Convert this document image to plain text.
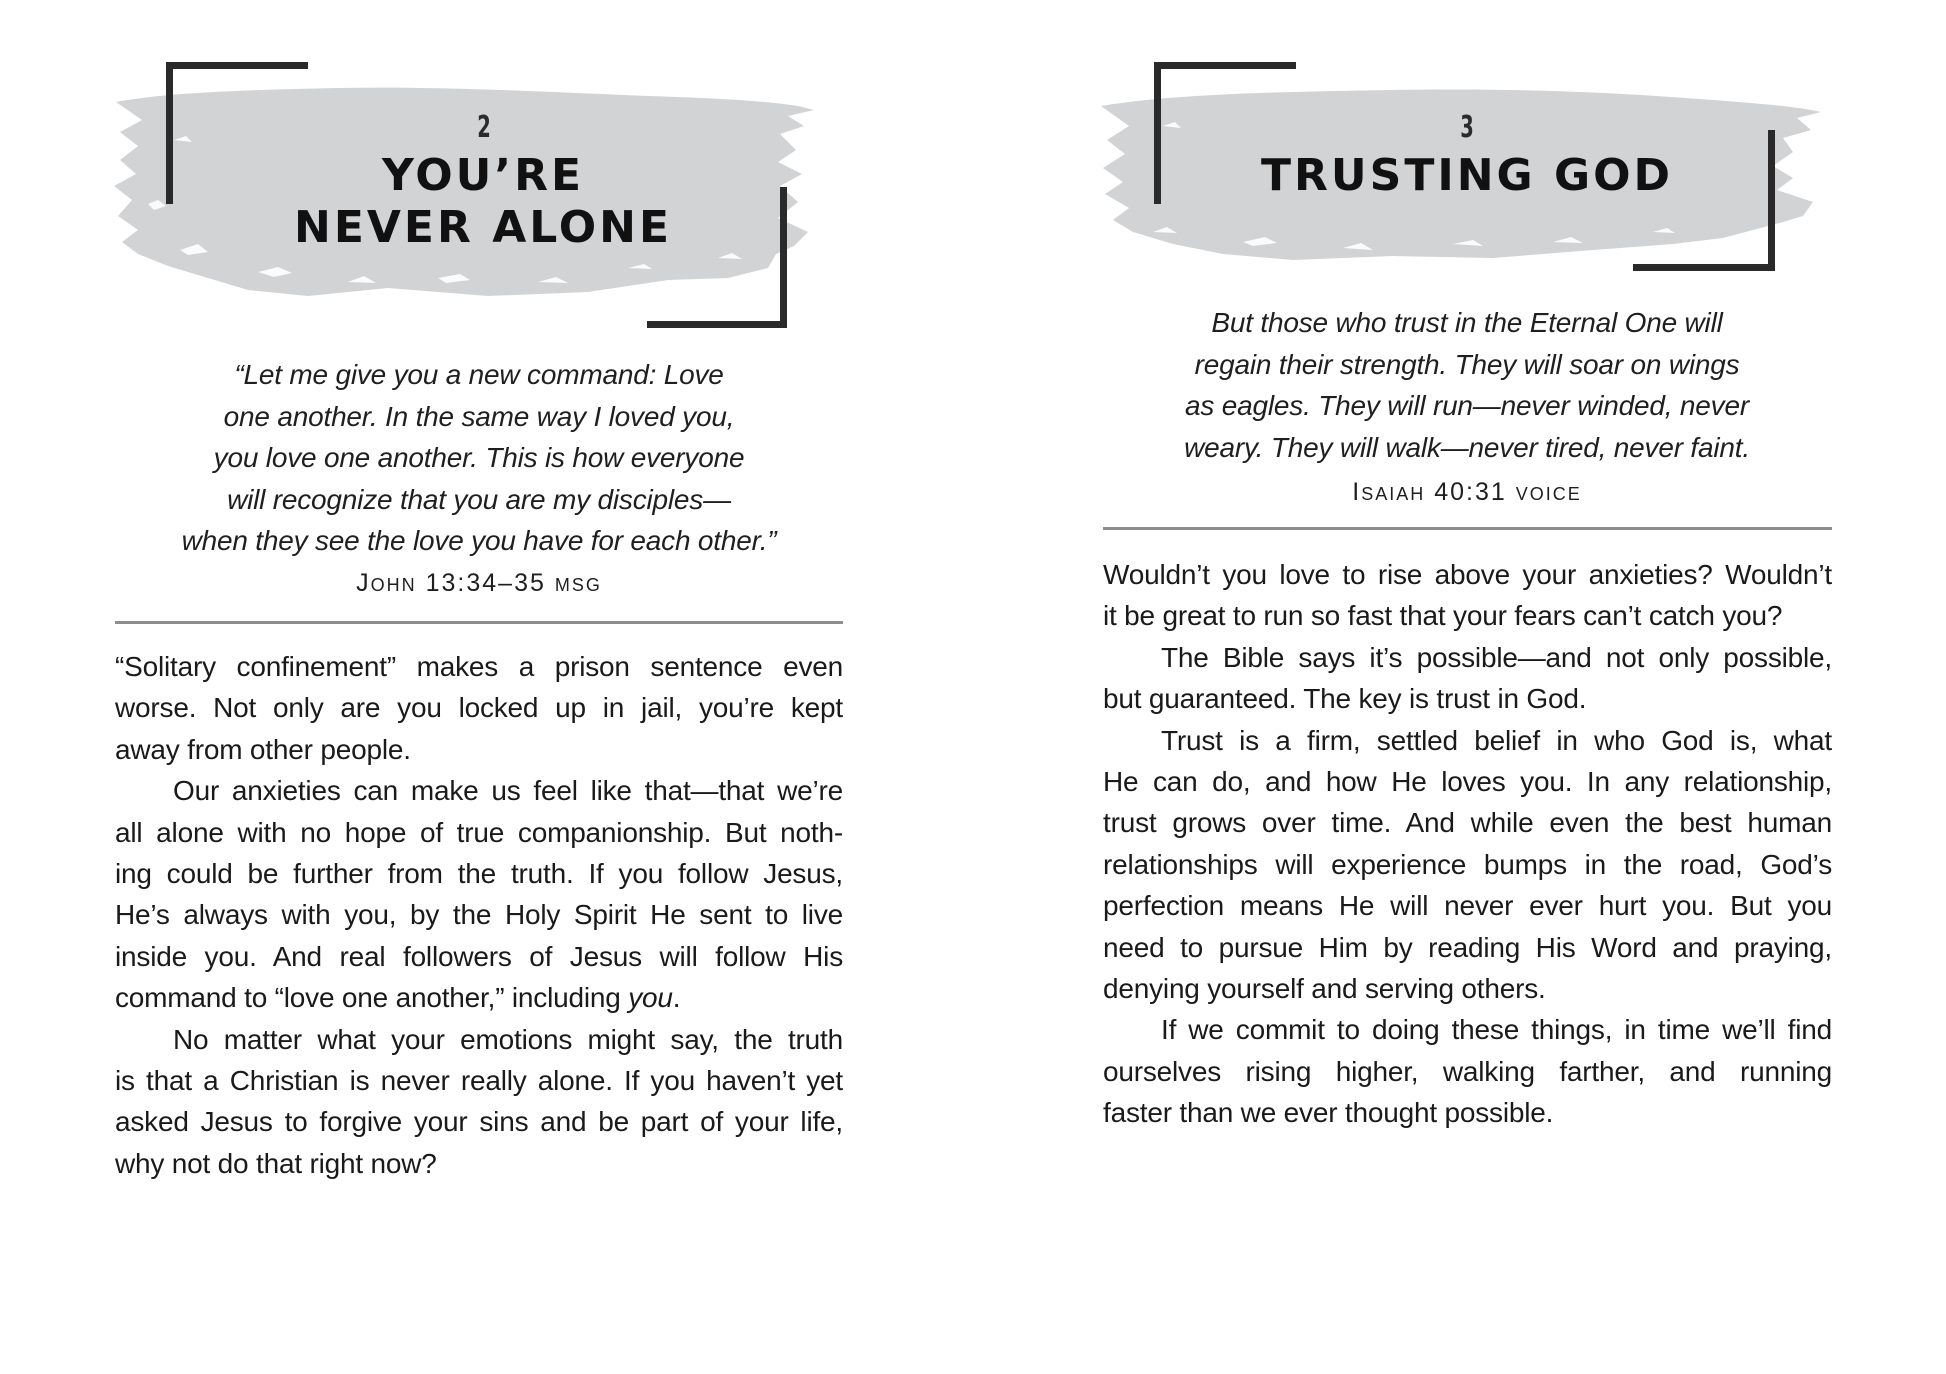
2
YOU’RE
NEVER ALONE
“Let me give you a new command: Love
one another. In the same way I loved you,
you love one another. This is how everyone
will recognize that you are my disciples—
when they see the love you have for each other.”
John 13:34–35 msg
“Solitary confinement” makes a prison sentence even
worse. Not only are you locked up in jail, you’re kept
away from other people.
Our anxieties can make us feel like that—that we’re
all alone with no hope of true companionship. But noth-
ing could be further from the truth. If you follow Jesus,
He’s always with you, by the Holy Spirit He sent to live
inside you. And real followers of Jesus will follow His
command to “love one another,” including you.
No matter what your emotions might say, the truth
is that a Christian is never really alone. If you haven’t yet
asked Jesus to forgive your sins and be part of your life,
why not do that right now?
3
TRUSTING GOD
But those who trust in the Eternal One will
regain their strength. They will soar on wings
as eagles. They will run—never winded, never
weary. They will walk—never tired, never faint.
Isaiah 40:31 voice
Wouldn’t you love to rise above your anxieties? Wouldn’t
it be great to run so fast that your fears can’t catch you?
The Bible says it’s possible—and not only possible,
but guaranteed. The key is trust in God.
Trust is a firm, settled belief in who God is, what
He can do, and how He loves you. In any relationship,
trust grows over time. And while even the best human
relationships will experience bumps in the road, God’s
perfection means He will never ever hurt you. But you
need to pursue Him by reading His Word and praying,
denying yourself and serving others.
If we commit to doing these things, in time we’ll find
ourselves rising higher, walking farther, and running
faster than we ever thought possible.
